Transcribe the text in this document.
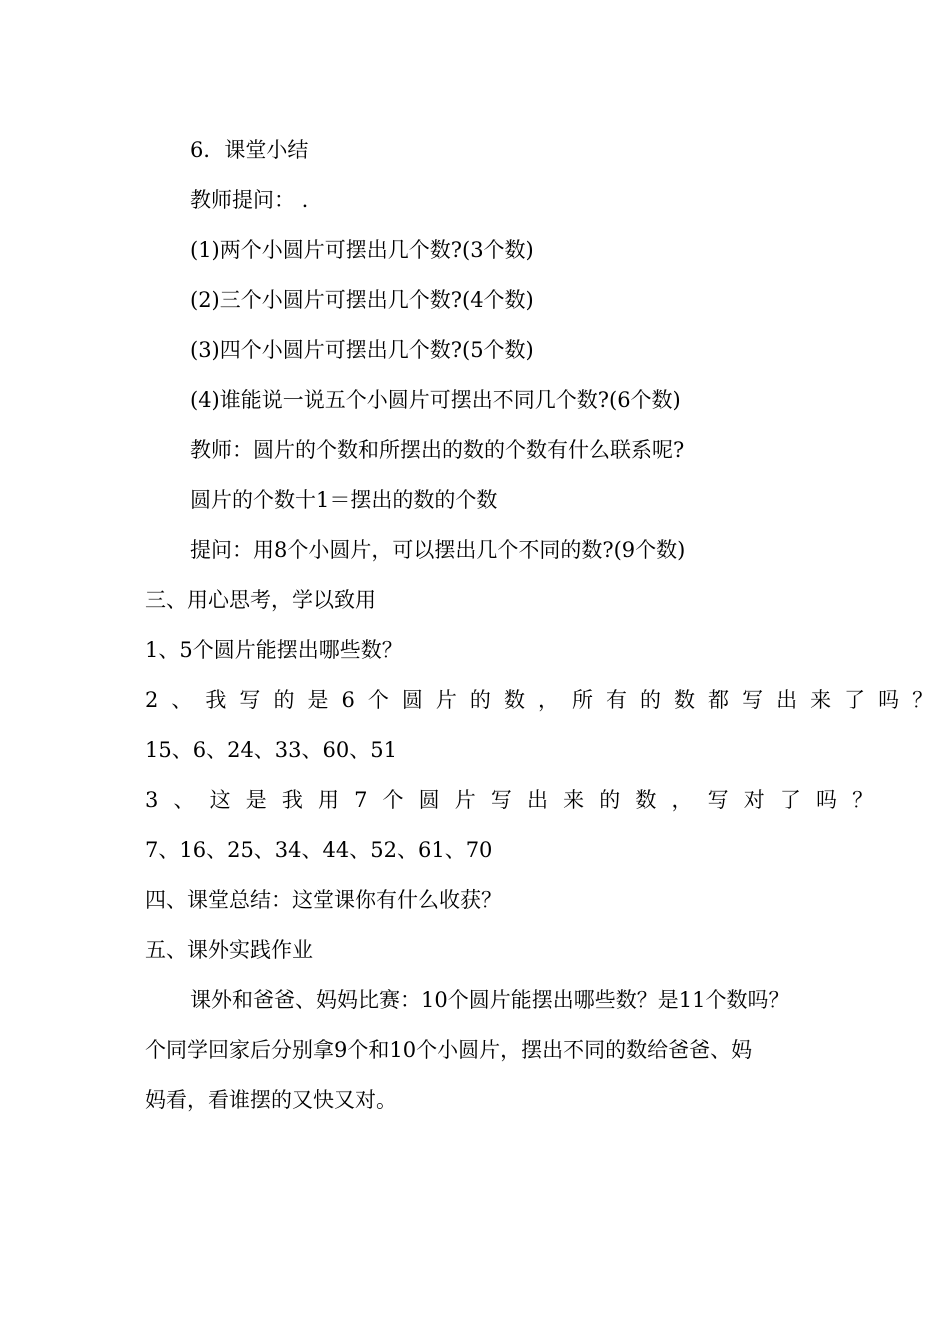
6．课堂小结
教师提问： .
(1)两个小圆片可摆出几个数?(3个数)
(2)三个小圆片可摆出几个数?(4个数)
(3)四个小圆片可摆出几个数?(5个数)
(4)谁能说一说五个小圆片可摆出不同几个数?(6个数)
教师：圆片的个数和所摆出的数的个数有什么联系呢?
圆片的个数十1＝摆出的数的个数
提问：用8个小圆片，可以摆出几个不同的数?(9个数)
三、用心思考，学以致用
1、5个圆片能摆出哪些数？
2、我写的是6个圆片的数，所有的数都写出来了吗？
15、6、24、33、60、51
3、这是我用7个圆片写出来的数，写对了吗？
7、16、25、34、44、52、61、70
四、课堂总结：这堂课你有什么收获？
五、课外实践作业
课外和爸爸、妈妈比赛：10个圆片能摆出哪些数？是11个数吗？
个同学回家后分别拿9个和10个小圆片，摆出不同的数给爸爸、妈
妈看，看谁摆的又快又对。
